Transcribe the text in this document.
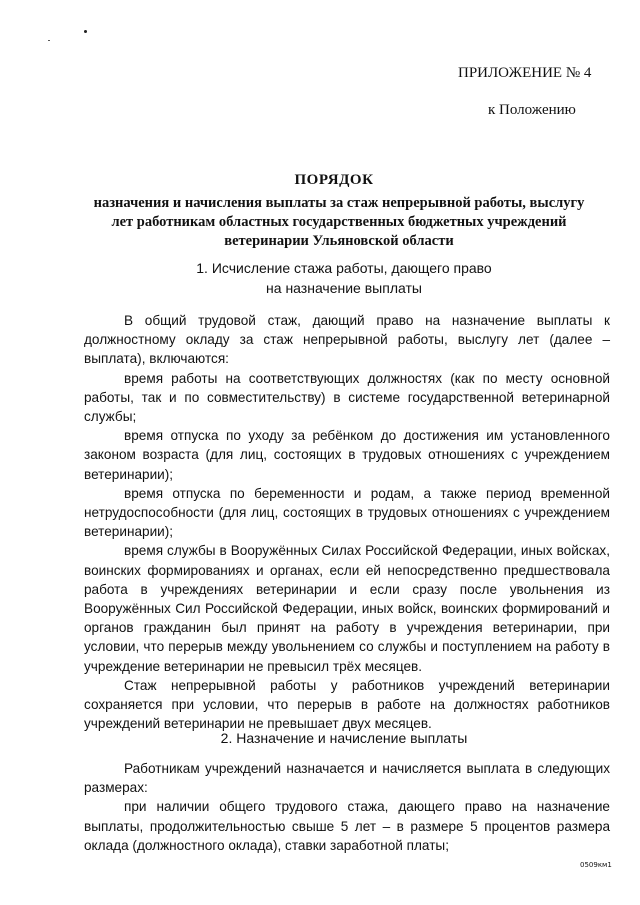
ПРИЛОЖЕНИЕ № 4
к Положению
ПОРЯДОК
назначения и начисления выплаты за стаж непрерывной работы, выслугу лет работникам областных государственных бюджетных учреждений ветеринарии Ульяновской области
1. Исчисление стажа работы, дающего право
на назначение выплаты

В общий трудовой стаж, дающий право на назначение выплаты к должностному окладу за стаж непрерывной работы, выслугу лет (далее – выплата), включаются:

время работы на соответствующих должностях (как по месту основной работы, так и по совместительству) в системе государственной ветеринарной службы;

время отпуска по уходу за ребёнком до достижения им установленного законом возраста (для лиц, состоящих в трудовых отношениях с учреждением ветеринарии);

время отпуска по беременности и родам, а также период временной нетрудоспособности (для лиц, состоящих в трудовых отношениях с учреждением ветеринарии);

время службы в Вооружённых Силах Российской Федерации, иных войсках, воинских формированиях и органах, если ей непосредственно предшествовала работа в учреждениях ветеринарии и если сразу после увольнения из Вооружённых Сил Российской Федерации, иных войск, воинских формирований и органов гражданин был принят на работу в учреждения ветеринарии, при условии, что перерыв между увольнением со службы и поступлением на работу в учреждение ветеринарии не превысил трёх месяцев.

Стаж непрерывной работы у работников учреждений ветеринарии сохраняется при условии, что перерыв в работе на должностях работников учреждений ветеринарии не превышает двух месяцев.

2. Назначение и начисление выплаты

Работникам учреждений назначается и начисляется выплата в следующих размерах:

при наличии общего трудового стажа, дающего право на назначение выплаты, продолжительностью свыше 5 лет – в размере 5 процентов размера оклада (должностного оклада), ставки заработной платы;

0509км1
